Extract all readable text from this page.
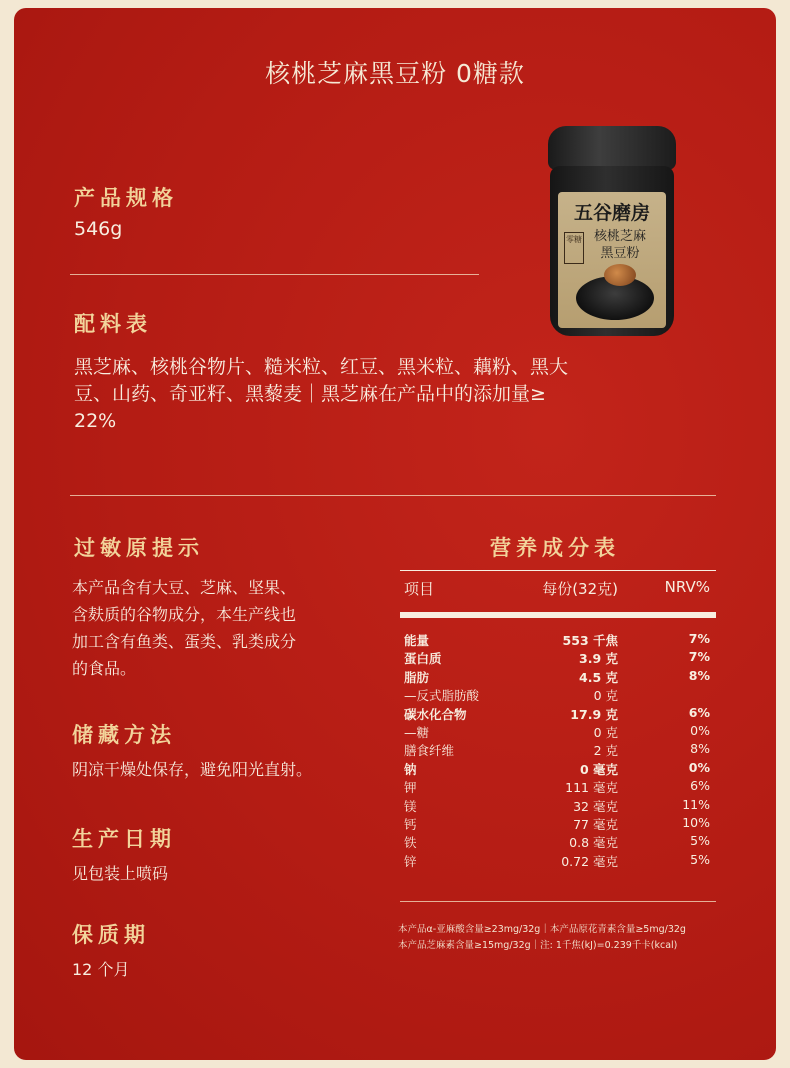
核桃芝麻黑豆粉 0糖款
五谷磨房
零糖 核桃芝麻
黑豆粉
产品规格
546g
配料表
黑芝麻、核桃谷物片、糙米粒、红豆、黑米粒、藕粉、黑大
豆、山药、奇亚籽、黑藜麦｜黑芝麻在产品中的添加量≥
22%
过敏原提示
本产品含有大豆、芝麻、坚果、
含麸质的谷物成分，本生产线也
加工含有鱼类、蛋类、乳类成分
的食品。
储藏方法
阴凉干燥处保存，避免阳光直射。
生产日期
见包装上喷码
保质期
12 个月
营养成分表
项目	每份(32克)	NRV%
能量	553 千焦	7%
蛋白质	3.9 克	7%
脂肪	4.5 克	8%
—反式脂肪酸	0 克
碳水化合物	17.9 克	6%
—糖	0 克	0%
膳食纤维	2 克	8%
钠	0 毫克	0%
钾	111 毫克	6%
镁	32 毫克	11%
钙	77 毫克	10%
铁	0.8 毫克	5%
锌	0.72 毫克	5%
本产品α-亚麻酸含量≥23mg/32g｜本产品原花青素含量≥5mg/32g
本产品芝麻素含量≥15mg/32g｜注: 1千焦(kJ)=0.239千卡(kcal)
